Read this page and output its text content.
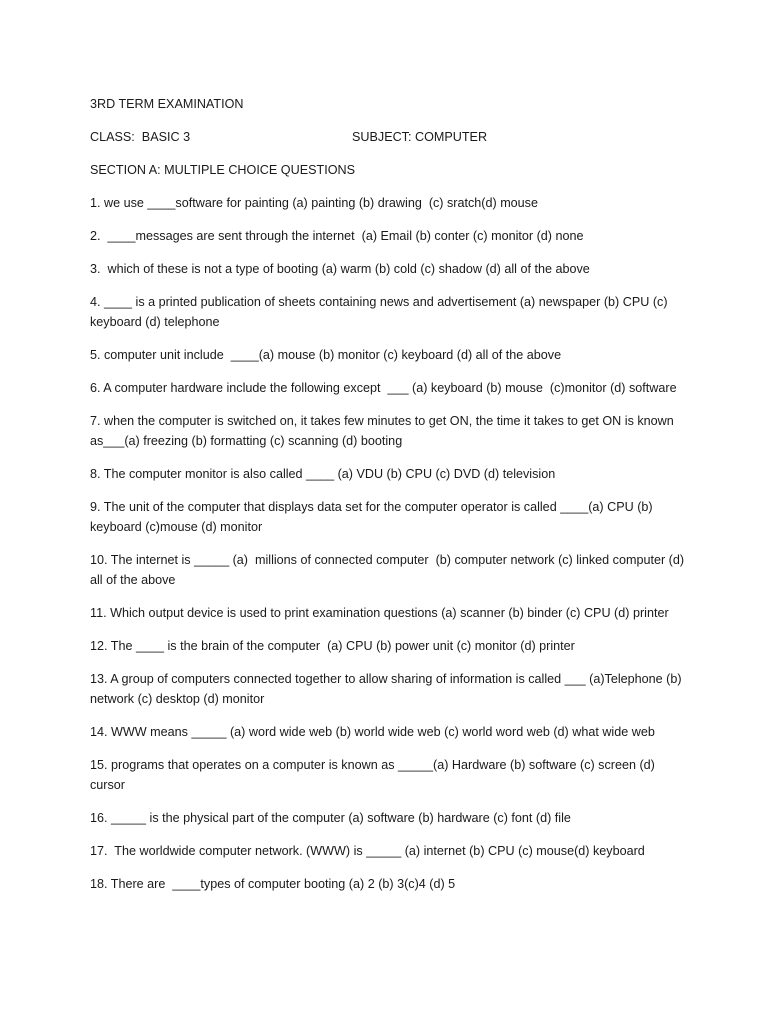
3RD TERM EXAMINATION
CLASS:  BASIC 3	SUBJECT: COMPUTER
SECTION A: MULTIPLE CHOICE QUESTIONS
1. we use ____software for painting (a) painting (b) drawing  (c) sratch(d) mouse
2.  ____messages are sent through the internet  (a) Email (b) conter (c) monitor (d) none
3.  which of these is not a type of booting (a) warm (b) cold (c) shadow (d) all of the above
4. ____ is a printed publication of sheets containing news and advertisement (a) newspaper (b) CPU (c) keyboard (d) telephone
5. computer unit include  ____(a) mouse (b) monitor (c) keyboard (d) all of the above
6. A computer hardware include the following except  ___ (a) keyboard (b) mouse  (c)monitor (d) software
7. when the computer is switched on, it takes few minutes to get ON, the time it takes to get ON is known as___(a) freezing (b) formatting (c) scanning (d) booting
8. The computer monitor is also called ____ (a) VDU (b) CPU (c) DVD (d) television
9. The unit of the computer that displays data set for the computer operator is called ____(a) CPU (b) keyboard (c)mouse (d) monitor
10. The internet is _____ (a)  millions of connected computer  (b) computer network (c) linked computer (d) all of the above
11. Which output device is used to print examination questions (a) scanner (b) binder (c) CPU (d) printer
12. The ____ is the brain of the computer  (a) CPU (b) power unit (c) monitor (d) printer
13. A group of computers connected together to allow sharing of information is called ___ (a)Telephone (b) network (c) desktop (d) monitor
14. WWW means _____ (a) word wide web (b) world wide web (c) world word web (d) what wide web
15. programs that operates on a computer is known as _____(a) Hardware (b) software (c) screen (d) cursor
16. _____ is the physical part of the computer (a) software (b) hardware (c) font (d) file
17.  The worldwide computer network. (WWW) is _____ (a) internet (b) CPU (c) mouse(d) keyboard
18. There are  ____types of computer booting (a) 2 (b) 3(c)4 (d) 5
